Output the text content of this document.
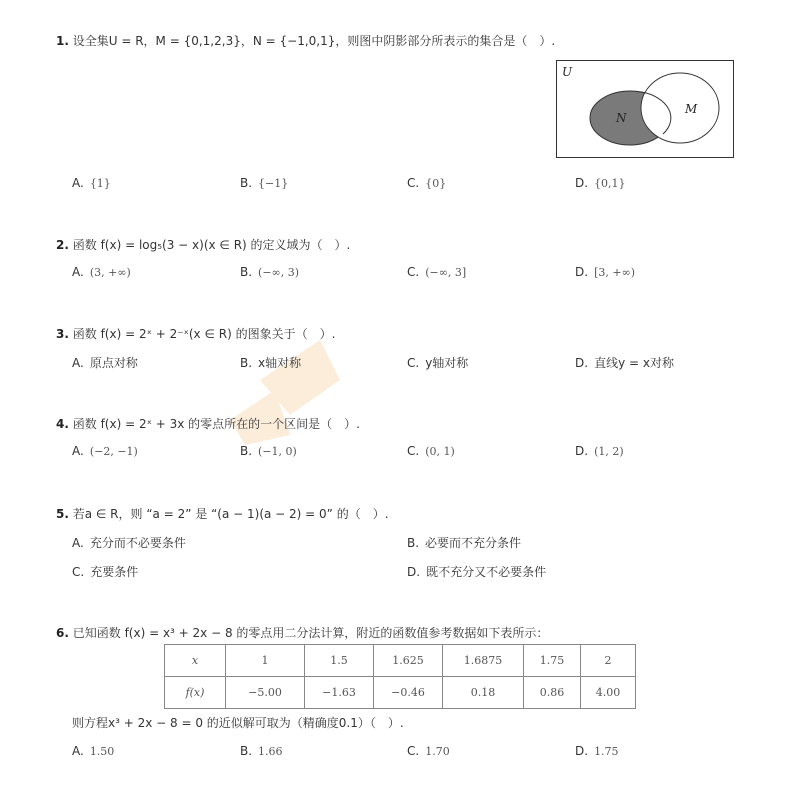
1. 设全集U = R，M = {0,1,2,3}，N = {−1,0,1}，则图中阴影部分所表示的集合是（　）.
U
N
M
A. {1}	B. {−1}	C. {0}	D. {0,1}
2. 函数 f(x) = log₅(3 − x)(x ∈ R) 的定义域为（　）.
A. (3, +∞)	B. (−∞, 3)	C. (−∞, 3]	D. [3, +∞)
3. 函数 f(x) = 2ˣ + 2⁻ˣ(x ∈ R) 的图象关于（　）.
A. 原点对称	B. x轴对称	C. y轴对称	D. 直线y = x对称
4. 函数 f(x) = 2ˣ + 3x 的零点所在的一个区间是（　）.
A. (−2, −1)	B. (−1, 0)	C. (0, 1)	D. (1, 2)
5. 若a ∈ R，则 “a = 2” 是 “(a − 1)(a − 2) = 0” 的（　）.
A. 充分而不必要条件	B. 必要而不充分条件
C. 充要条件	D. 既不充分又不必要条件
6. 已知函数 f(x) = x³ + 2x − 8 的零点用二分法计算，附近的函数值参考数据如下表所示：
x	1	1.5	1.625	1.6875	1.75	2
f(x)	−5.00	−1.63	−0.46	0.18	0.86	4.00
则方程x³ + 2x − 8 = 0 的近似解可取为（精确度0.1）（　）.
A. 1.50	B. 1.66	C. 1.70	D. 1.75
